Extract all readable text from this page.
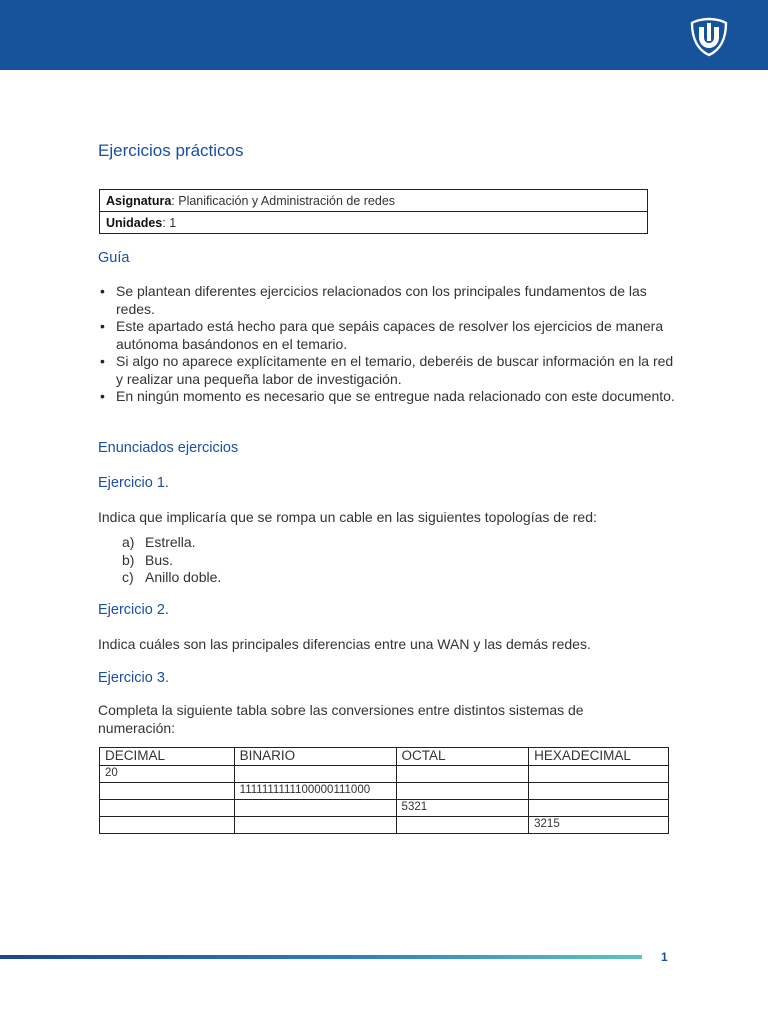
Ejercicios prácticos
Asignatura: Planificación y Administración de redes
Unidades: 1
Guía
• Se plantean diferentes ejercicios relacionados con los principales fundamentos de las redes.
• Este apartado está hecho para que sepáis capaces de resolver los ejercicios de manera autónoma basándonos en el temario.
• Si algo no aparece explícitamente en el temario, deberéis de buscar información en la red y realizar una pequeña labor de investigación.
• En ningún momento es necesario que se entregue nada relacionado con este documento.
Enunciados ejercicios
Ejercicio 1.
Indica que implicaría que se rompa un cable en las siguientes topologías de red:
a) Estrella.
b) Bus.
c) Anillo doble.
Ejercicio 2.
Indica cuáles son las principales diferencias entre una WAN y las demás redes.
Ejercicio 3.
Completa la siguiente tabla sobre las conversiones entre distintos sistemas de numeración:
DECIMAL	BINARIO	OCTAL	HEXADECIMAL
20			
	1111111111100000111000		
		5321	
			3215
1
